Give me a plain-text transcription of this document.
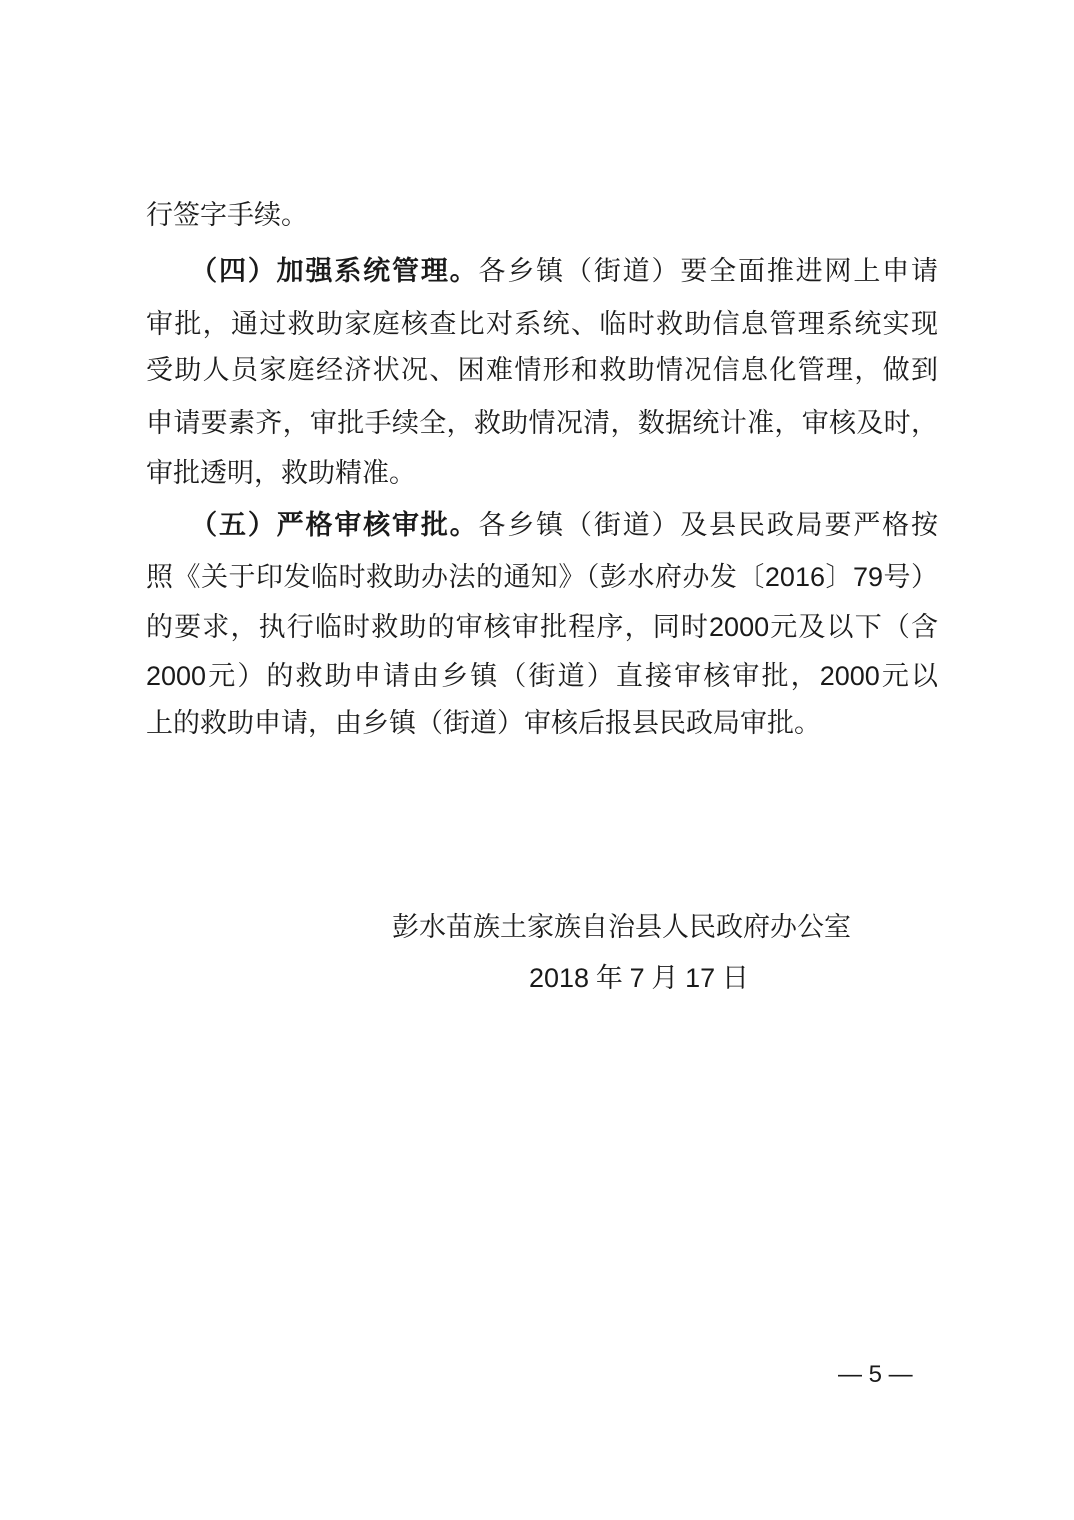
行签字手续。
　　（四）加强系统管理。各乡镇（街道）要全面推进网上申请
审批，通过救助家庭核查比对系统、临时救助信息管理系统实现
受助人员家庭经济状况、困难情形和救助情况信息化管理，做到
申请要素齐，审批手续全，救助情况清，数据统计准，审核及时，
审批透明，救助精准。
　　（五）严格审核审批。各乡镇（街道）及县民政局要严格按
照《关于印发临时救助办法的通知》（彭水府办发〔2016〕79号）
的要求，执行临时救助的审核审批程序，同时2000元及以下（含
2000元）的救助申请由乡镇（街道）直接审核审批，2000元以
上的救助申请，由乡镇（街道）审核后报县民政局审批。
彭水苗族土家族自治县人民政府办公室
2018  年  7  月  17  日
— 5 —
